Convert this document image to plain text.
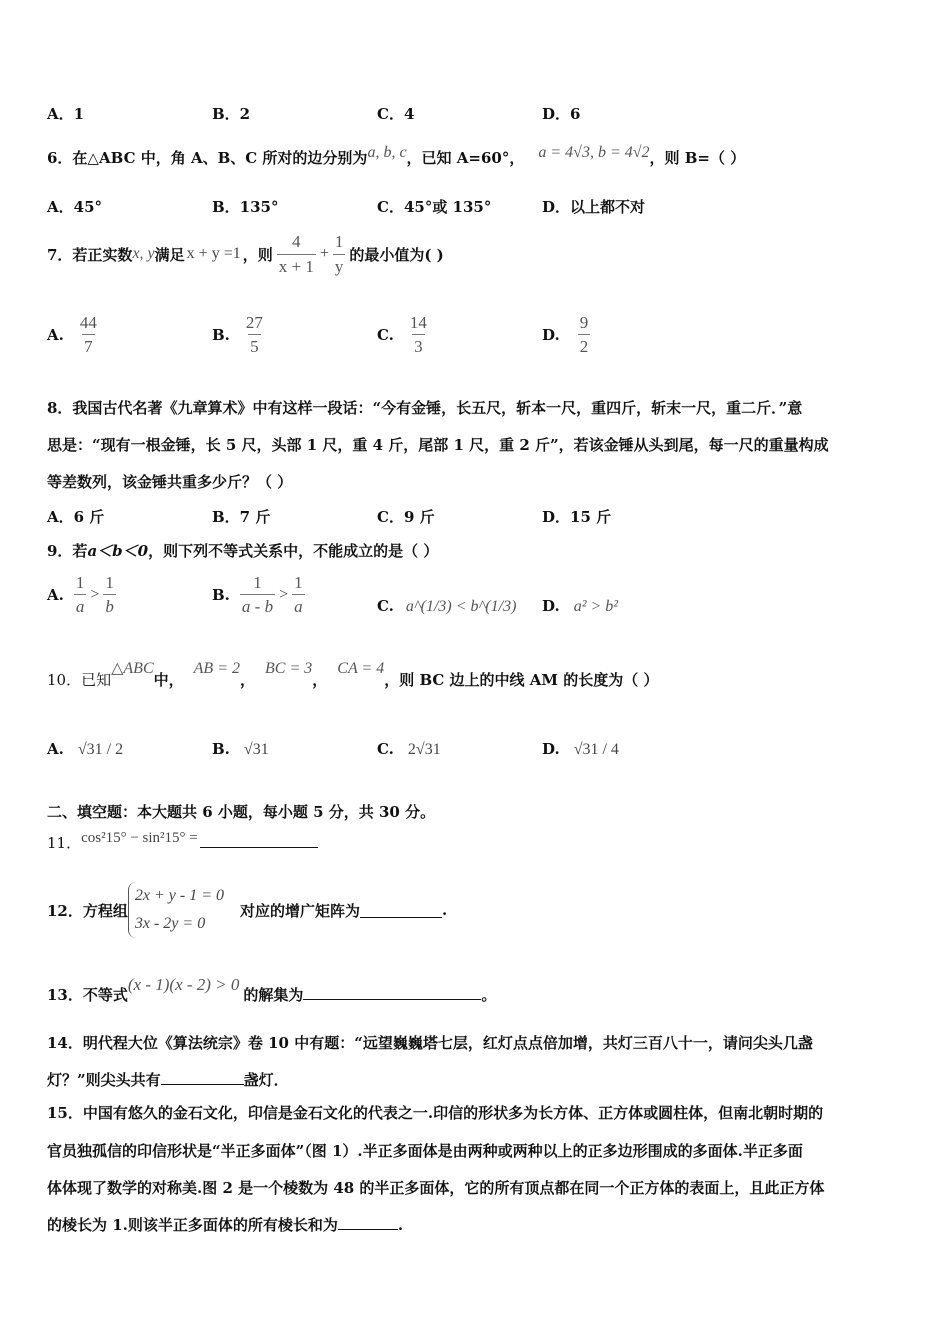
A．1	B．2	C．4	D．6
6．在△ABC 中，角 A、B、C 所对的边分别为a, b, c，已知 A=60°， a = 4√3, b = 4√2，则 B=（ ）
A．45°	B．135°	C．45°或 135°	D．以上都不对
7．若正实数 x, y 满足 x + y =1 ，则 $\frac{4}{x + 1} + \frac{1}{y}$ 的最小值为( )
A. $\frac{44}{7}$	B. $\frac{27}{5}$	C. $\frac{14}{3}$	D. $\frac{9}{2}$
8．我国古代名著《九章算术》中有这样一段话：“今有金锤，长五尺，斩本一尺，重四斤，斩末一尺，重二斤．”意
思是：“现有一根金锤，长 5 尺，头部 1 尺，重 4 斤，尾部 1 尺，重 2 斤”，若该金锤从头到尾，每一尺的重量构成
等差数列，该金锤共重多少斤？（ ）
A．6 斤	B．7 斤	C．9 斤	D．15 斤
9．若a＜b＜0，则下列不等式关系中，不能成立的是（ ）
A. $\frac{1}{a} > \frac{1}{b}$	B. $\frac{1}{a - b} > \frac{1}{a}$	C. a^(1/3) < b^(1/3) D. a² > b²
10．已知△ABC中，AB = 2，BC = 3，CA = 4，则 BC 边上的中线 AM 的长度为（ ）
A. √31 / 2	B. √31	C. 2√31	D. √31 / 4
二、填空题：本大题共 6 小题，每小题 5 分，共 30 分。
11．cos²15° − sin²15° =
12．方程组
2x + y - 1 = 0
3x - 2y = 0
对应的增广矩阵为	.
13．不等式(x - 1)(x - 2) > 0的解集为	。
14．明代程大位《算法统宗》卷 10 中有题：“远望巍巍塔七层，红灯点点倍加增，共灯三百八十一，请问尖头几盏
灯？”则尖头共有	盏灯．
15．中国有悠久的金石文化，印信是金石文化的代表之一.印信的形状多为长方体、正方体或圆柱体，但南北朝时期的
官员独孤信的印信形状是“半正多面体”（图 1）.半正多面体是由两种或两种以上的正多边形围成的多面体.半正多面
体体现了数学的对称美.图 2 是一个棱数为 48 的半正多面体，它的所有顶点都在同一个正方体的表面上，且此正方体
的棱长为 1.则该半正多面体的所有棱长和为	.
